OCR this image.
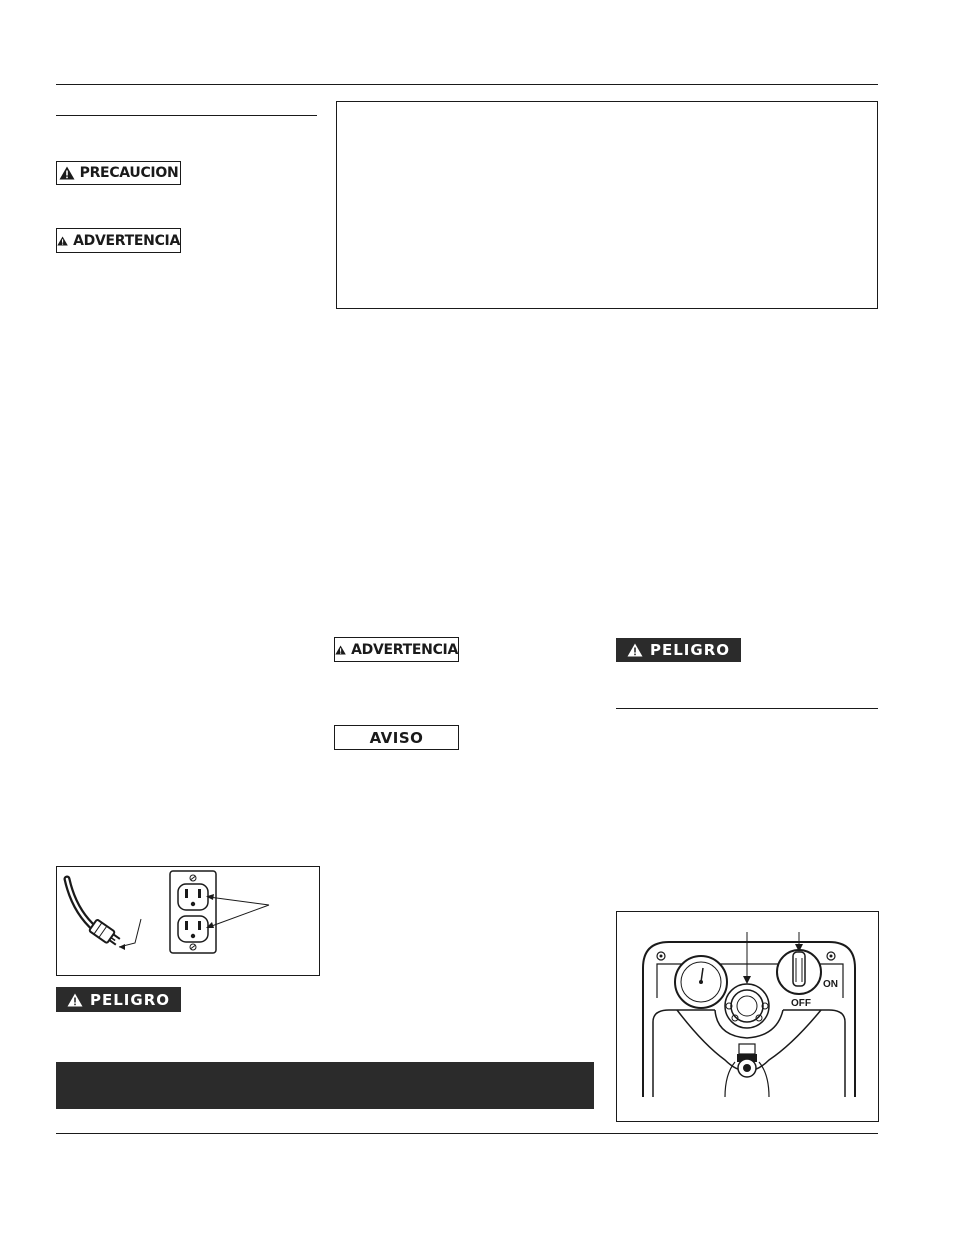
PRECAUCION
ADVERTENCIA
ADVERTENCIA
AVISO
PELIGRO
PELIGRO
ON
OFF
